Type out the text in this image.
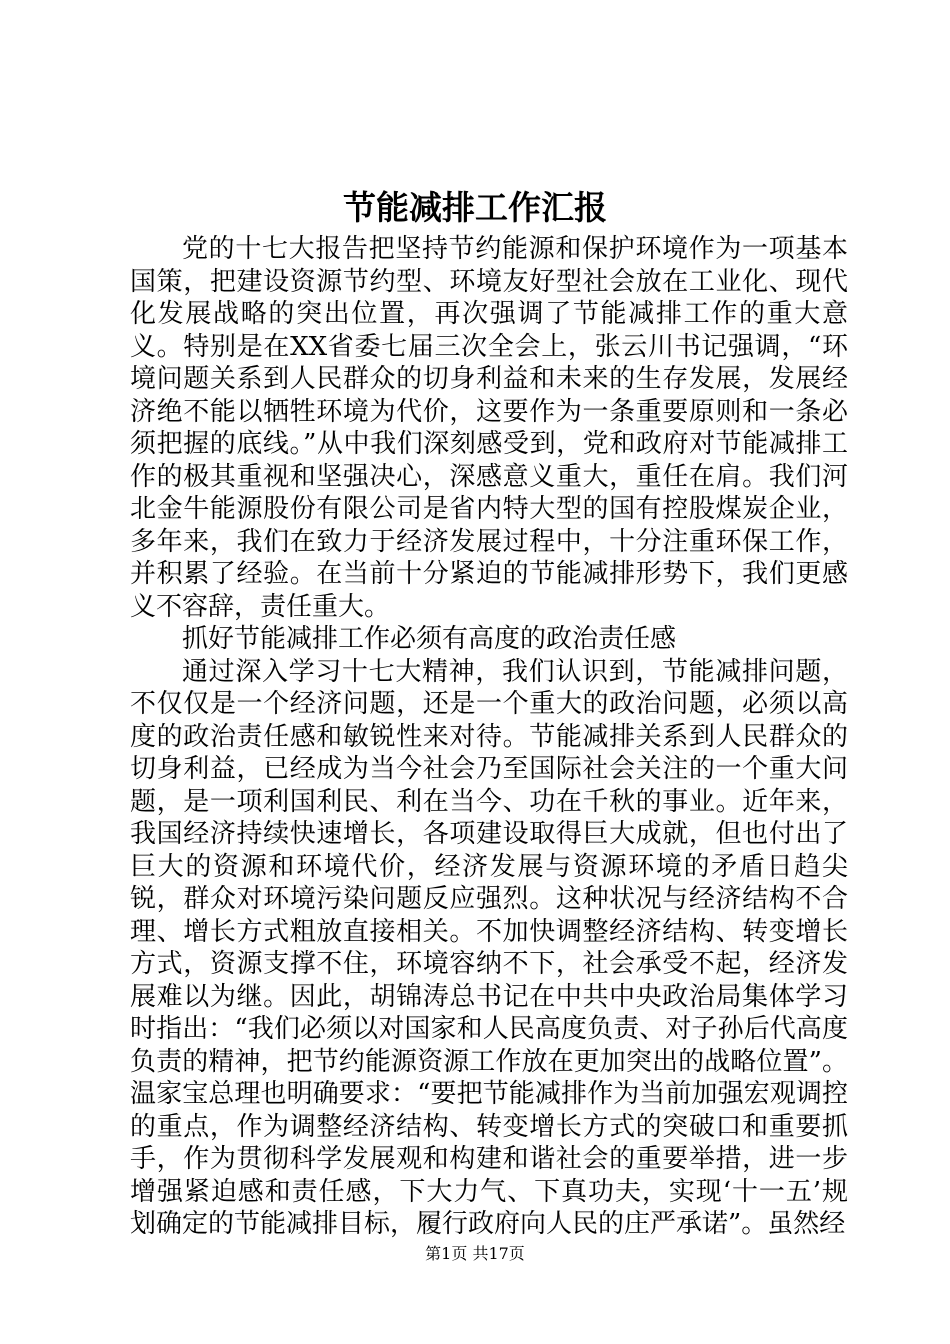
节能减排工作汇报

党的十七大报告把坚持节约能源和保护环境作为一项基本国策，把建设资源节约型、环境友好型社会放在工业化、现代化发展战略的突出位置，再次强调了节能减排工作的重大意义。特别是在XX省委七届三次全会上，张云川书记强调，“环境问题关系到人民群众的切身利益和未来的生存发展，发展经济绝不能以牺牲环境为代价，这要作为一条重要原则和一条必须把握的底线。”从中我们深刻感受到，党和政府对节能减排工作的极其重视和坚强决心，深感意义重大，重任在肩。我们河北金牛能源股份有限公司是省内特大型的国有控股煤炭企业，多年来，我们在致力于经济发展过程中，十分注重环保工作，并积累了经验。在当前十分紧迫的节能减排形势下，我们更感义不容辞，责任重大。

抓好节能减排工作必须有高度的政治责任感

通过深入学习十七大精神，我们认识到，节能减排问题，不仅仅是一个经济问题，还是一个重大的政治问题，必须以高度的政治责任感和敏锐性来对待。节能减排关系到人民群众的切身利益，已经成为当今社会乃至国际社会关注的一个重大问题，是一项利国利民、利在当今、功在千秋的事业。近年来，我国经济持续快速增长，各项建设取得巨大成就，但也付出了巨大的资源和环境代价，经济发展与资源环境的矛盾日趋尖锐，群众对环境污染问题反应强烈。这种状况与经济结构不合理、增长方式粗放直接相关。不加快调整经济结构、转变增长方式，资源支撑不住，环境容纳不下，社会承受不起，经济发展难以为继。因此，胡锦涛总书记在中共中央政治局集体学习时指出：“我们必须以对国家和人民高度负责、对子孙后代高度负责的精神，把节约能源资源工作放在更加突出的战略位置”。温家宝总理也明确要求：“要把节能减排作为当前加强宏观调控的重点，作为调整经济结构、转变增长方式的突破口和重要抓手，作为贯彻科学发展观和构建和谐社会的重要举措，进一步增强紧迫感和责任感，下大力气、下真功夫，实现‘十一五’规划确定的节能减排目标，履行政府向人民的庄严承诺”。虽然经

第1页 共17页
